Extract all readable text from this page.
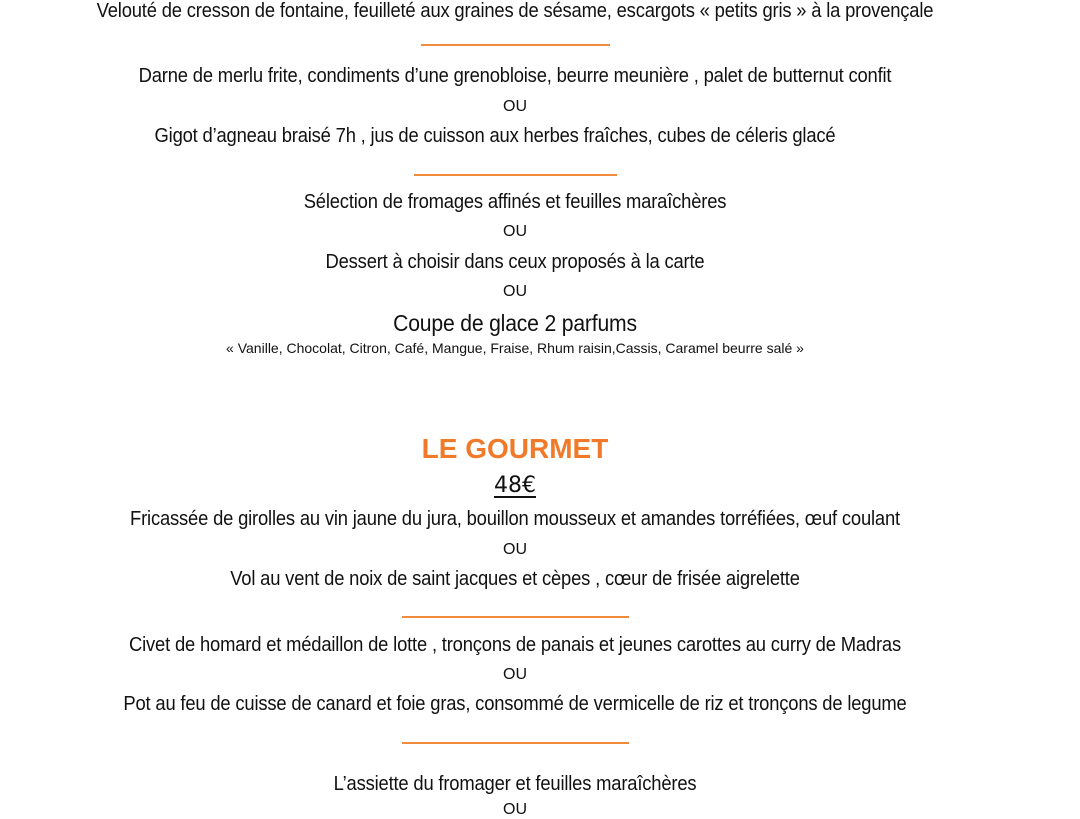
Velouté de cresson de fontaine, feuilleté aux graines de sésame, escargots « petits gris » à la provençale
Darne de merlu frite, condiments d’une grenobloise, beurre meunière , palet de butternut confit
OU
Gigot d’agneau braisé 7h , jus de cuisson aux herbes fraîches, cubes de céleris glacé
Sélection de fromages affinés et feuilles maraîchères
OU
Dessert à choisir dans ceux proposés à la carte
OU
Coupe de glace 2 parfums
« Vanille, Chocolat, Citron, Café, Mangue, Fraise, Rhum raisin,Cassis, Caramel beurre salé »
LE GOURMET
48€
Fricassée de girolles au vin jaune du jura, bouillon mousseux et amandes torréfiées, œuf coulant
OU
Vol au vent de noix de saint jacques et cèpes , cœur de frisée aigrelette
Civet de homard et médaillon de lotte , tronçons de panais et jeunes carottes au curry de Madras
OU
Pot au feu de cuisse de canard et foie gras, consommé de vermicelle de riz et tronçons de legume
L’assiette du fromager et feuilles maraîchères
OU
